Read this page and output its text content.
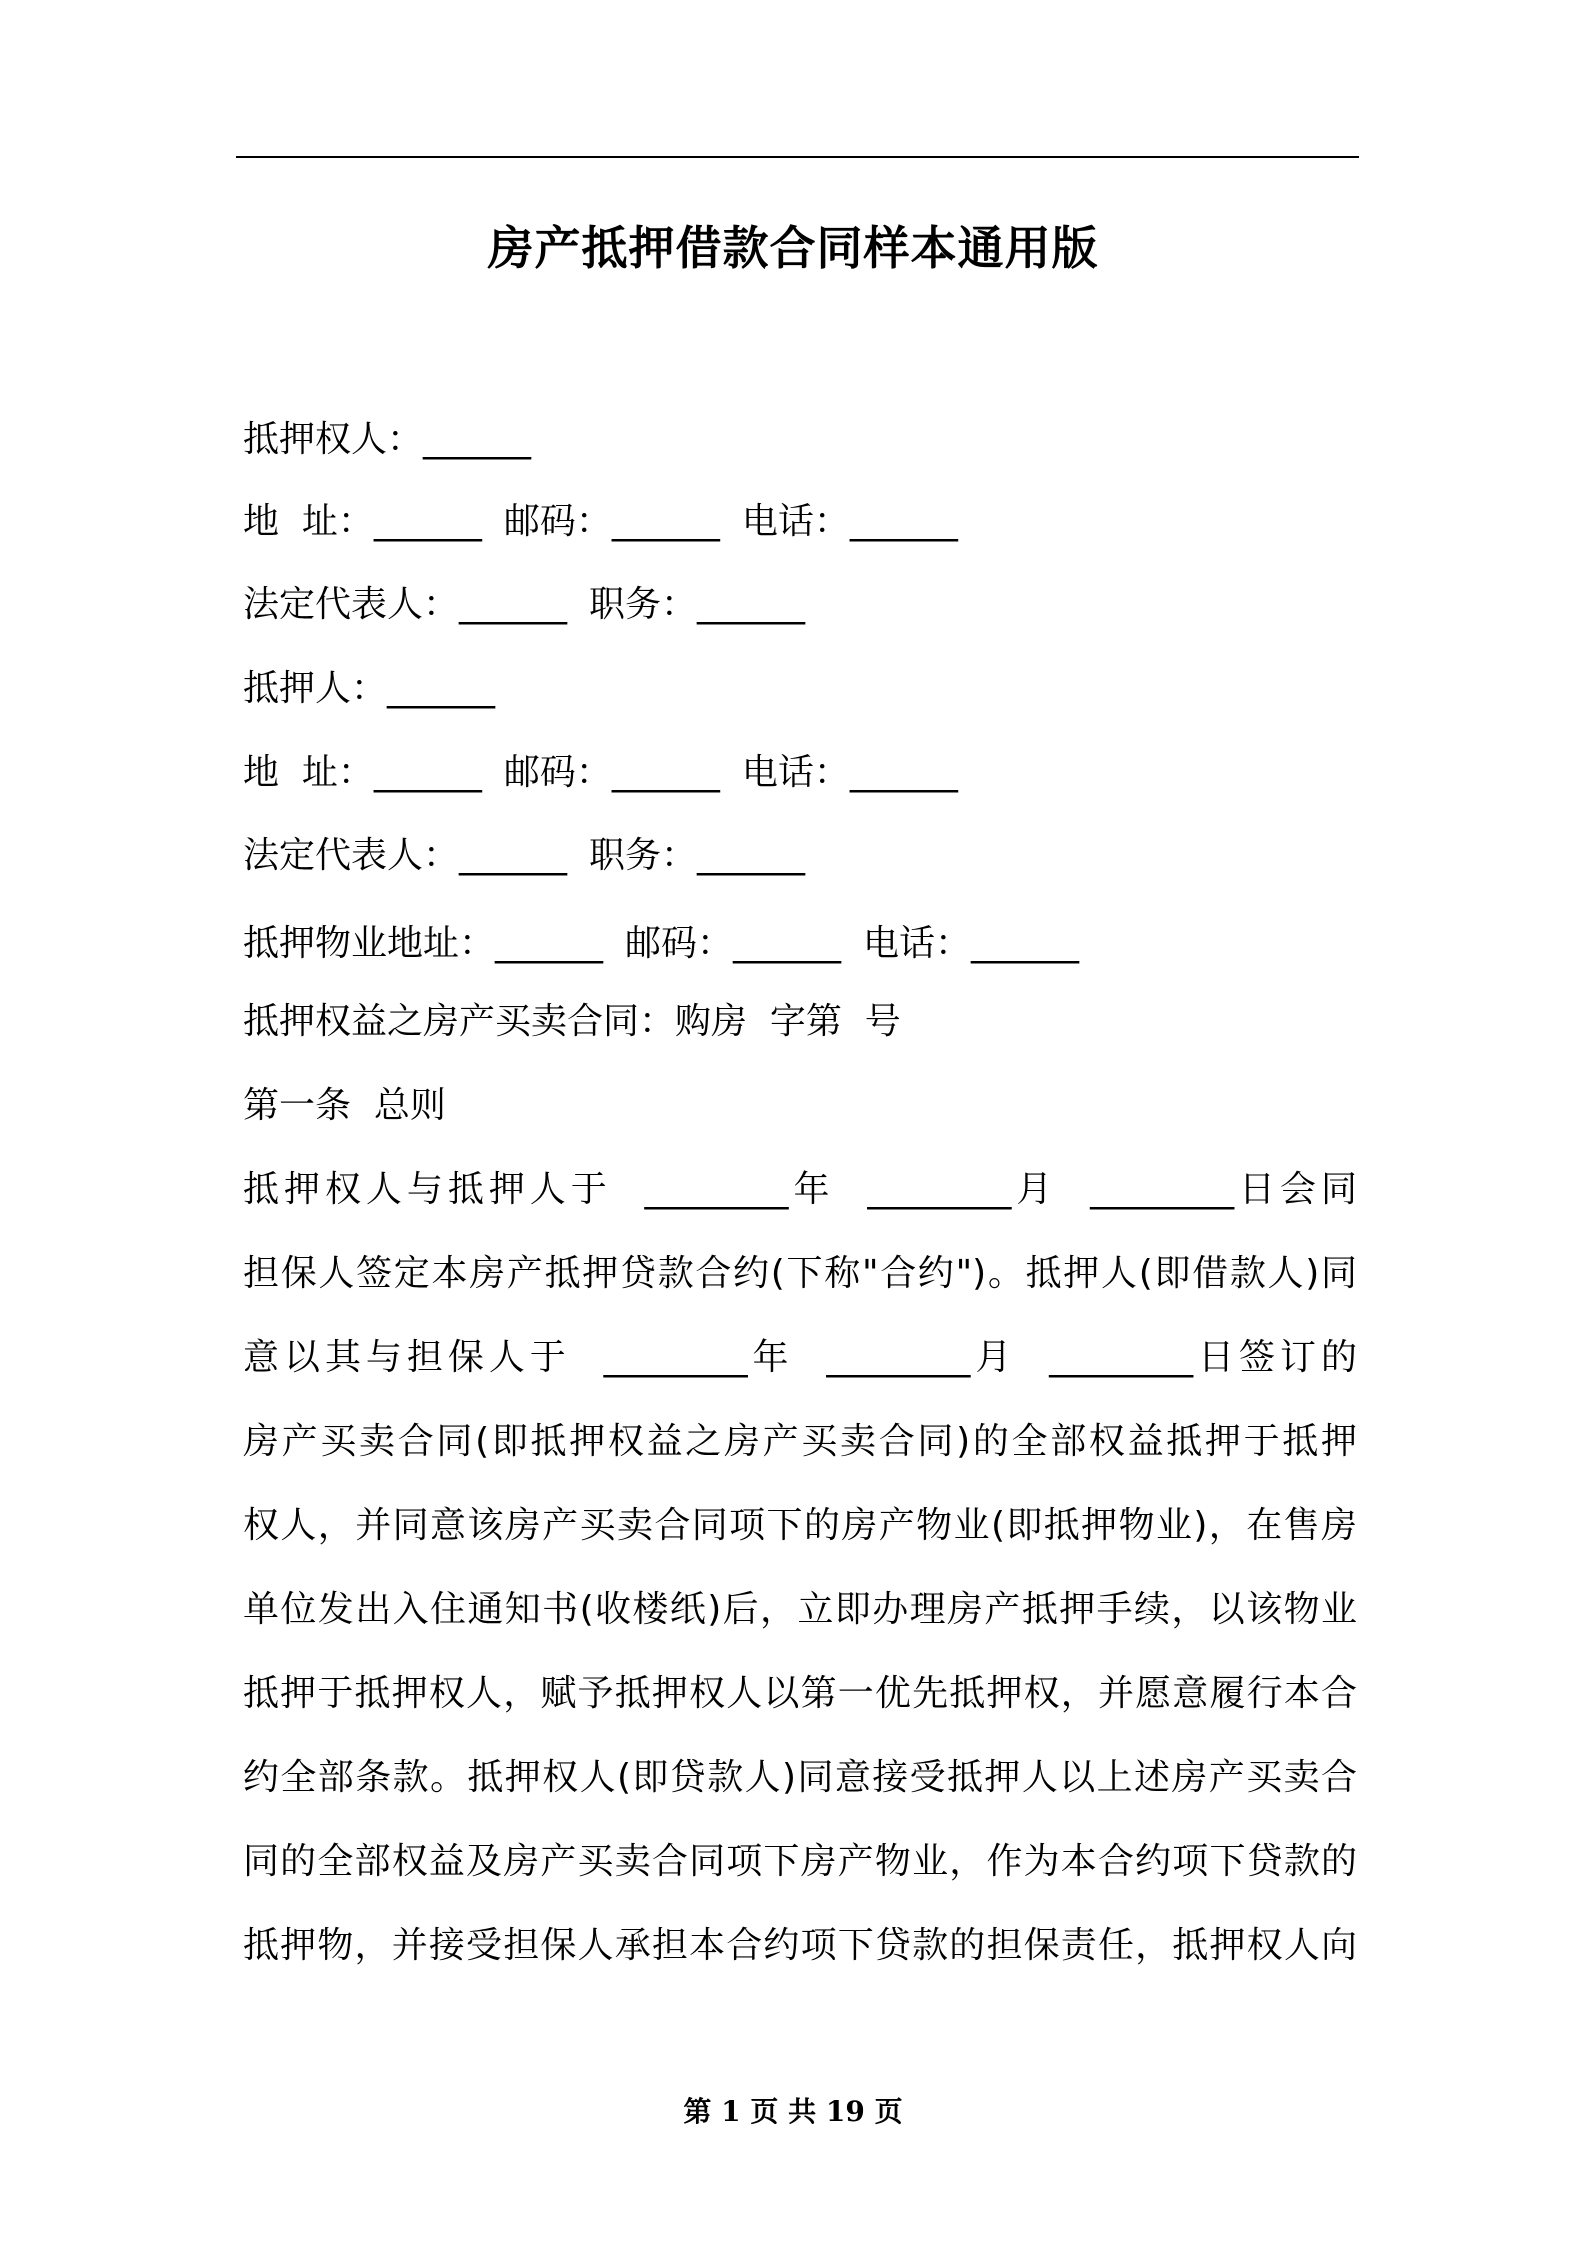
房产抵押借款合同样本通用版
抵押权人：______
地  址：______ 邮码：______ 电话：______
法定代表人：______ 职务：______
抵押人：______
地  址：______ 邮码：______ 电话：______
法定代表人：______ 职务：______
抵押物业地址：______ 邮码：______ 电话：______
抵押权益之房产买卖合同：购房  字第  号
第一条  总则
抵押权人与抵押人于  ________年  ________月  ________日会同
担保人签定本房产抵押贷款合约(下称"合约")。抵押人(即借款人)同
意以其与担保人于  ________年  ________月  ________日签订的
房产买卖合同(即抵押权益之房产买卖合同)的全部权益抵押于抵押
权人，并同意该房产买卖合同项下的房产物业(即抵押物业)，在售房
单位发出入住通知书(收楼纸)后，立即办理房产抵押手续，以该物业
抵押于抵押权人，赋予抵押权人以第一优先抵押权，并愿意履行本合
约全部条款。抵押权人(即贷款人)同意接受抵押人以上述房产买卖合
同的全部权益及房产买卖合同项下房产物业，作为本合约项下贷款的
抵押物，并接受担保人承担本合约项下贷款的担保责任，抵押权人向
第 1 页 共 19 页
